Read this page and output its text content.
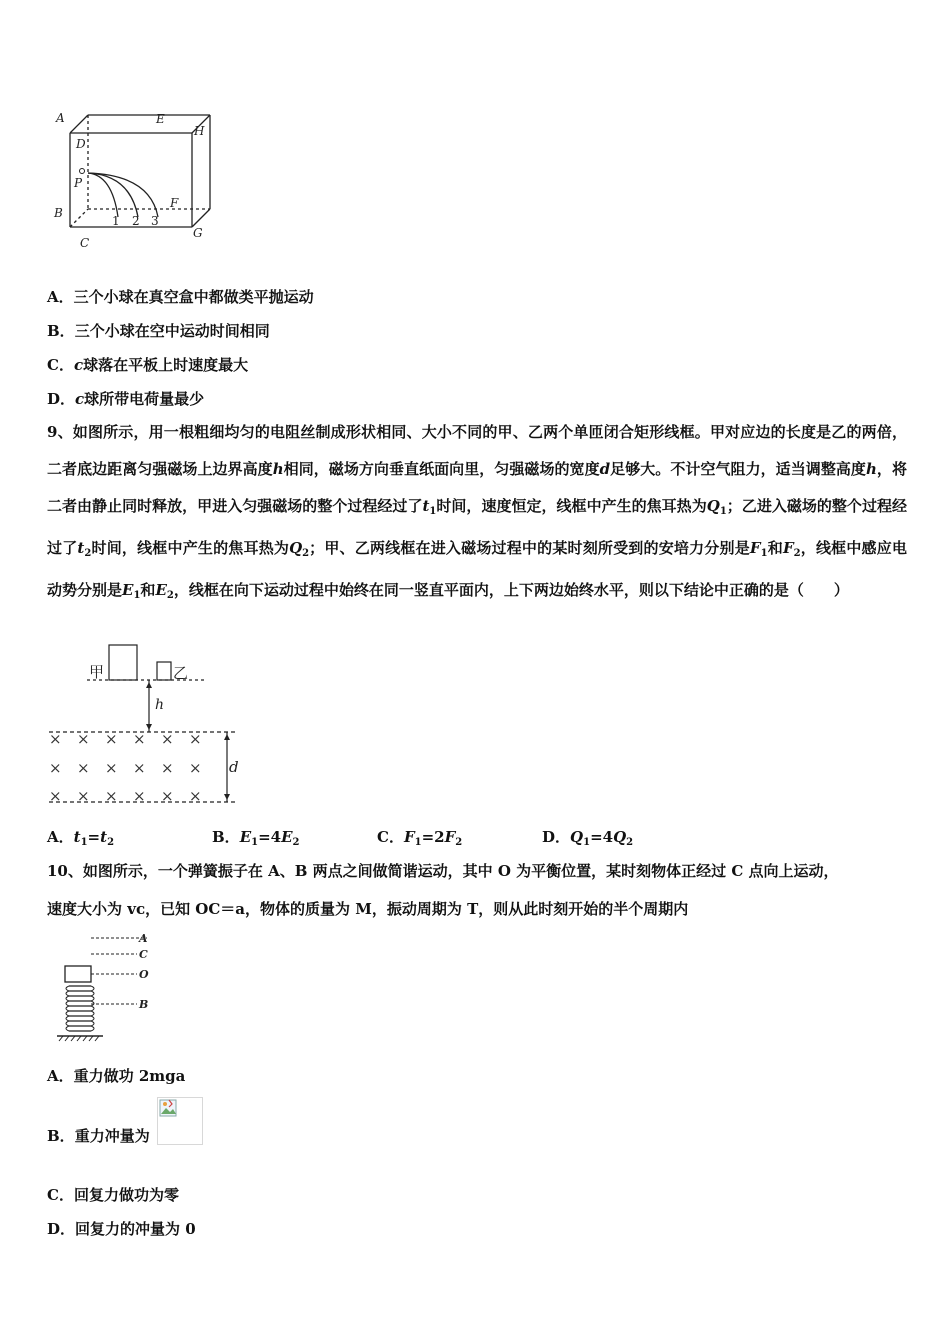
A
D
P
B
C
E
H
F
G
1 2 3
A．三个小球在真空盒中都做类平抛运动
B．三个小球在空中运动时间相同
C．c球落在平板上时速度最大
D．c球所带电荷量最少
9、如图所示，用一根粗细均匀的电阻丝制成形状相同、大小不同的甲、乙两个单匝闭合矩形线框。甲对应边的长度是乙的两倍，二者底边距离匀强磁场上边界高度h相同，磁场方向垂直纸面向里，匀强磁场的宽度d足够大。不计空气阻力，适当调整高度h，将二者由静止同时释放，甲进入匀强磁场的整个过程经过了$t_1$时间，速度恒定，线框中产生的焦耳热为$Q_1$；乙进入磁场的整个过程经过了$t_2$时间，线框中产生的焦耳热为$Q_2$；甲、乙两线框在进入磁场过程中的某时刻所受到的安培力分别是$F_1$和$F_2$，线框中感应电动势分别是$E_1$和$E_2$，线框在向下运动过程中始终在同一竖直平面内，上下两边始终水平，则以下结论中正确的是（　　）
甲	乙
h
d
× × × × × ×
× × × × × ×
× × × × × ×
A．$t_1=t_2$	B．$E_1=4E_2$	C．$F_1=2F_2$	D．$Q_1=4Q_2$
10、如图所示，一个弹簧振子在 A、B 两点之间做简谐运动，其中 O 为平衡位置，某时刻物体正经过 C 点向上运动，
速度大小为 vᴄ，已知 OC＝a，物体的质量为 M，振动周期为 T，则从此时刻开始的半个周期内
A
C
O
B
A．重力做功 2mga
B．重力冲量为
C．回复力做功为零
D．回复力的冲量为 0
